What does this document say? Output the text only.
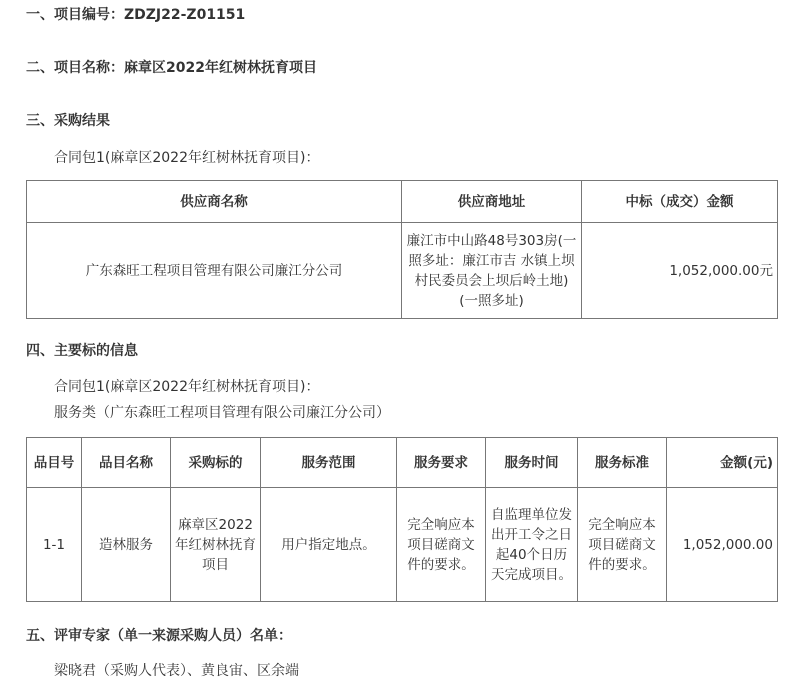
一、项目编号：ZDZJ22-Z01151
二、项目名称：麻章区2022年红树林抚育项目
三、采购结果
合同包1(麻章区2022年红树林抚育项目)：
供应商名称	供应商地址	中标（成交）金额
广东森旺工程项目管理有限公司廉江分公司	廉江市中山路48号303房(一照多址：廉江市吉 水镇上坝村民委员会上坝后岭土地) (一照多址)	1,052,000.00元
四、主要标的信息
合同包1(麻章区2022年红树林抚育项目)：
服务类（广东森旺工程项目管理有限公司廉江分公司）
品目号	品目名称	采购标的	服务范围	服务要求	服务时间	服务标准	金额(元)
1-1	造林服务	麻章区2022年红树林抚育项目	用户指定地点。	完全响应本项目磋商文件的要求。	自监理单位发出开工令之日起40个日历天完成项目。	完全响应本项目磋商文件的要求。	1,052,000.00
五、评审专家（单一来源采购人员）名单：
梁晓君（采购人代表）、黄良宙、区余端
